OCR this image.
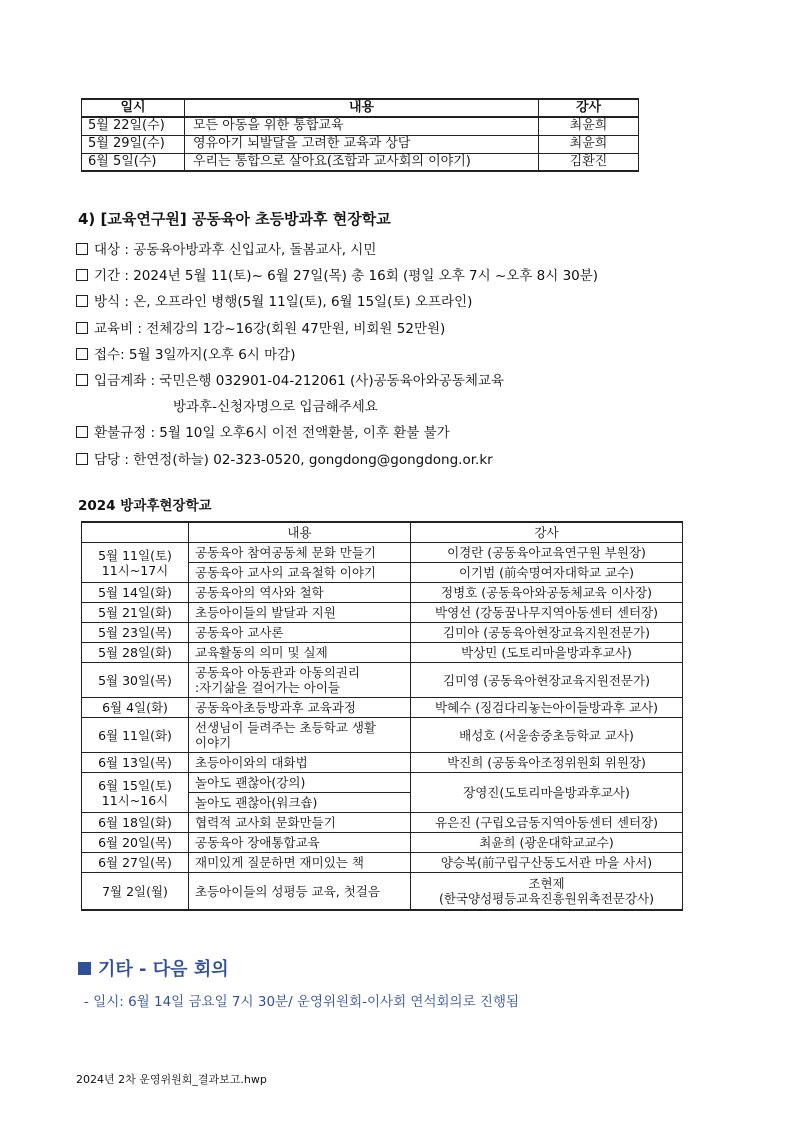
일시	내용	강사
5월 22일(수)	모든 아동을 위한 통합교육	최윤희
5월 29일(수)	영유아기 뇌발달을 고려한 교육과 상담	최윤희
6월 5일(수)	우리는 통합으로 살아요(조합과 교사회의 이야기)	김환진
4) [교육연구원] 공동육아 초등방과후 현장학교
대상 : 공동육아방과후 신입교사, 돌봄교사, 시민
기간 : 2024년 5월 11(토)~ 6월 27일(목) 총 16회 (평일 오후 7시 ~오후 8시 30분)
방식 : 온, 오프라인 병행(5월 11일(토), 6월 15일(토) 오프라인)
교육비 : 전체강의 1강~16강(회원 47만원, 비회원 52만원)
접수: 5월 3일까지(오후 6시 마감)
입금계좌 : 국민은행 032901-04-212061 (사)공동육아와공동체교육
방과후-신청자명으로 입금해주세요
환불규정 : 5월 10일 오후6시 이전 전액환불, 이후 환불 불가
담당 : 한연정(하늘) 02-323-0520, gongdong@gongdong.or.kr
2024 방과후현장학교
	내용	강사
5월 11일(토)
11시~17시	공동육아 참여공동체 문화 만들기	이경란 (공동육아교육연구원 부원장)
	공동육아 교사의 교육철학 이야기	이기범 (前숙명여자대학교 교수)
5월 14일(화)	공동육아의 역사와 철학	정병호 (공동육아와공동체교육 이사장)
5월 21일(화)	초등아이들의 발달과 지원	박영선 (강동꿈나무지역아동센터 센터장)
5월 23일(목)	공동육아 교사론	김미아 (공동육아현장교육지원전문가)
5월 28일(화)	교육활동의 의미 및 실제	박상민 (도토리마을방과후교사)
5월 30일(목)	공동육아 아동관과 아동의권리
:자기삶을 걸어가는 아이들	김미영 (공동육아현장교육지원전문가)
6월 4일(화)	공동육아초등방과후 교육과정	박혜수 (징검다리놓는아이들방과후 교사)
6월 11일(화)	선생님이 들려주는 초등학교 생활
이야기	배성호 (서울송중초등학교 교사)
6월 13일(목)	초등아이와의 대화법	박진희 (공동육아조정위원회 위원장)
6월 15일(토)
11시~16시	놀아도 괜찮아(강의)	장영진(도토리마을방과후교사)
	놀아도 괜찮아(워크숍)	
6월 18일(화)	협력적 교사회 문화만들기	유은진 (구립오금동지역아동센터 센터장)
6월 20일(목)	공동육아 장애통합교육	최윤희 (광운대학교교수)
6월 27일(목)	재미있게 질문하면 재미있는 책	양승복(前구립구산동도서관 마을 사서)
7월 2일(월)	초등아이들의 성평등 교육, 첫걸음	조현제
(한국양성평등교육진흥원위촉전문강사)
기타 - 다음 회의

- 일시: 6월 14일 금요일 7시 30분/ 운영위원회-이사회 연석회의로 진행됨

2024년 2차 운영위원회_결과보고.hwp
